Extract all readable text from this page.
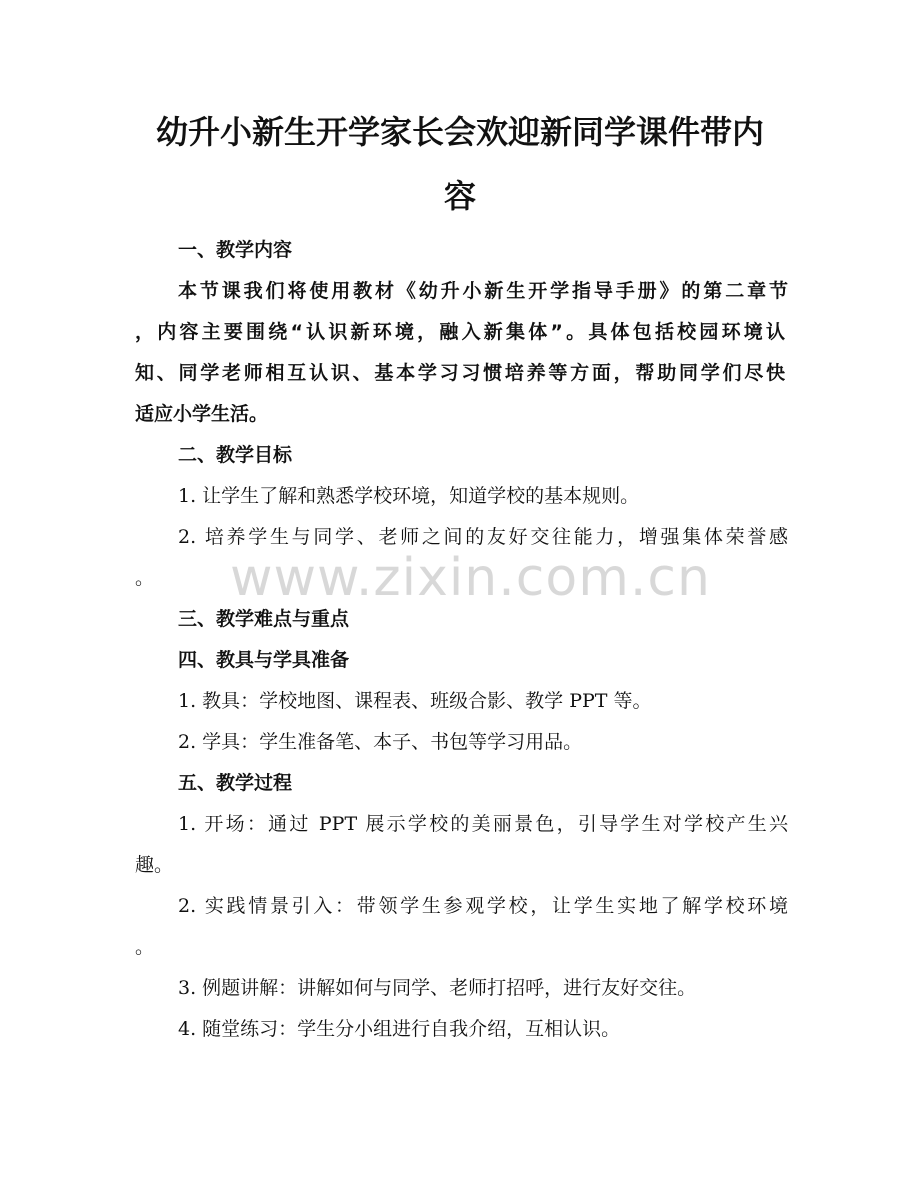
幼升小新生开学家长会欢迎新同学课件带内
容

一、教学内容

本节课我们将使用教材《幼升小新生开学指导手册》的第二章节

，内容主要围绕“认识新环境，融入新集体”。具体包括校园环境认

知、同学老师相互认识、基本学习习惯培养等方面，帮助同学们尽快

适应小学生活。

二、教学目标

1. 让学生了解和熟悉学校环境，知道学校的基本规则。

2. 培养学生与同学、老师之间的友好交往能力，增强集体荣誉感

。	www.zixin.com.cn

三、教学难点与重点

四、教具与学具准备

1. 教具：学校地图、课程表、班级合影、教学 PPT 等。

2. 学具：学生准备笔、本子、书包等学习用品。

五、教学过程

1. 开场：通过 PPT 展示学校的美丽景色，引导学生对学校产生兴

趣。

2. 实践情景引入：带领学生参观学校，让学生实地了解学校环境

。

3. 例题讲解：讲解如何与同学、老师打招呼，进行友好交往。

4. 随堂练习：学生分小组进行自我介绍，互相认识。
